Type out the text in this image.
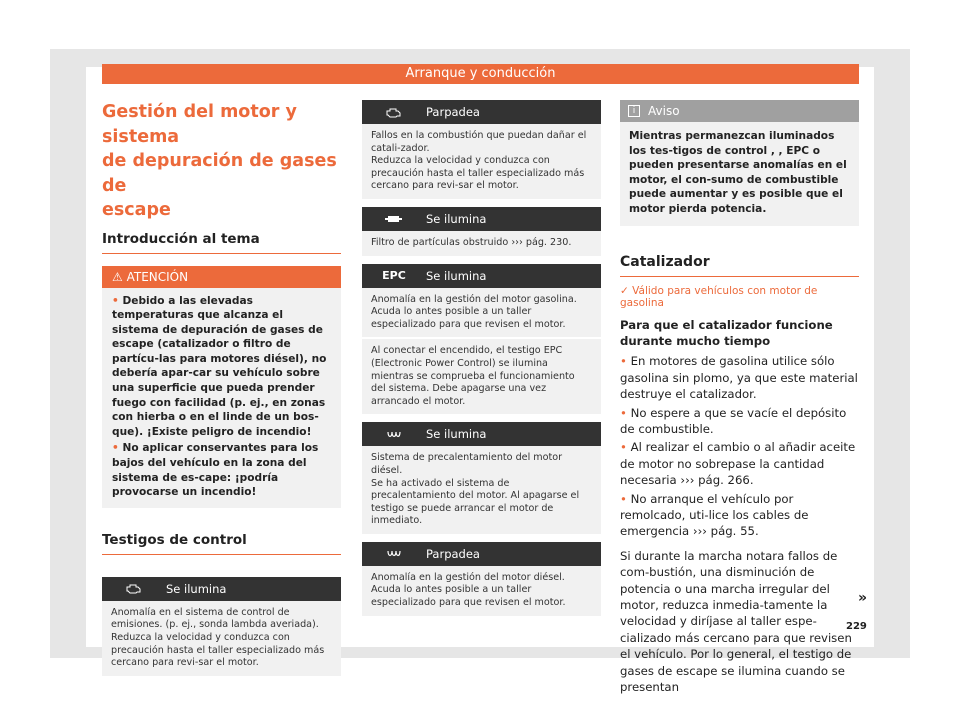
Arranque y conducción
Gestión del motor y sistema
de depuración de gases de
escape
Introducción al tema
⚠ ATENCIÓN

• Debido a las elevadas temperaturas que alcanza el sistema de depuración de gases de escape (catalizador o filtro de partícu-las para motores diésel), no debería apar-car su vehículo sobre una superficie que pueda prender fuego con facilidad (p. ej., en zonas con hierba o en el linde de un bos-que). ¡Existe peligro de incendio!

• No aplicar conservantes para los bajos del vehículo en la zona del sistema de es-cape: ¡podría provocarse un incendio!

Testigos de control
Se ilumina
Anomalía en el sistema de control de emisiones. (p. ej., sonda lambda averiada).
Reduzca la velocidad y conduzca con precaución hasta el taller especializado más cercano para revi-sar el motor.
Parpadea
Fallos en la combustión que puedan dañar el catali-zador.
Reduzca la velocidad y conduzca con precaución hasta el taller especializado más cercano para revi-sar el motor.
Se ilumina
Filtro de partículas obstruido ››› pág. 230.
EPC	Se ilumina
Anomalía en la gestión del motor gasolina.
Acuda lo antes posible a un taller especializado para que revisen el motor.
Al conectar el encendido, el testigo EPC (Electronic Power Control) se ilumina mientras se comprueba el funcionamiento del sistema. Debe apagarse una vez arrancado el motor.
Se ilumina
Sistema de precalentamiento del motor diésel.
Se ha activado el sistema de precalentamiento del motor. Al apagarse el testigo se puede arrancar el motor de inmediato.
Parpadea
Anomalía en la gestión del motor diésel.
Acuda lo antes posible a un taller especializado para que revisen el motor.
i	Aviso
Mientras permanezcan iluminados los tes-tigos de control , , EPC o pueden presentarse anomalías en el motor, el con-sumo de combustible puede aumentar y es posible que el motor pierda potencia.
Catalizador
✓ Válido para vehículos con motor de gasolina
Para que el catalizador funcione durante mucho tiempo

• En motores de gasolina utilice sólo gasolina sin plomo, ya que este material destruye el catalizador.

• No espere a que se vacíe el depósito de combustible.

• Al realizar el cambio o al añadir aceite de motor no sobrepase la cantidad necesaria ››› pág. 266.

• No arranque el vehículo por remolcado, uti-lice los cables de emergencia ››› pág. 55.

Si durante la marcha notara fallos de com-bustión, una disminución de potencia o una marcha irregular del motor, reduzca inmedia-tamente la velocidad y diríjase al taller espe-cializado más cercano para que revisen el vehículo. Por lo general, el testigo de gases de escape se ilumina cuando se presentan
»
229
